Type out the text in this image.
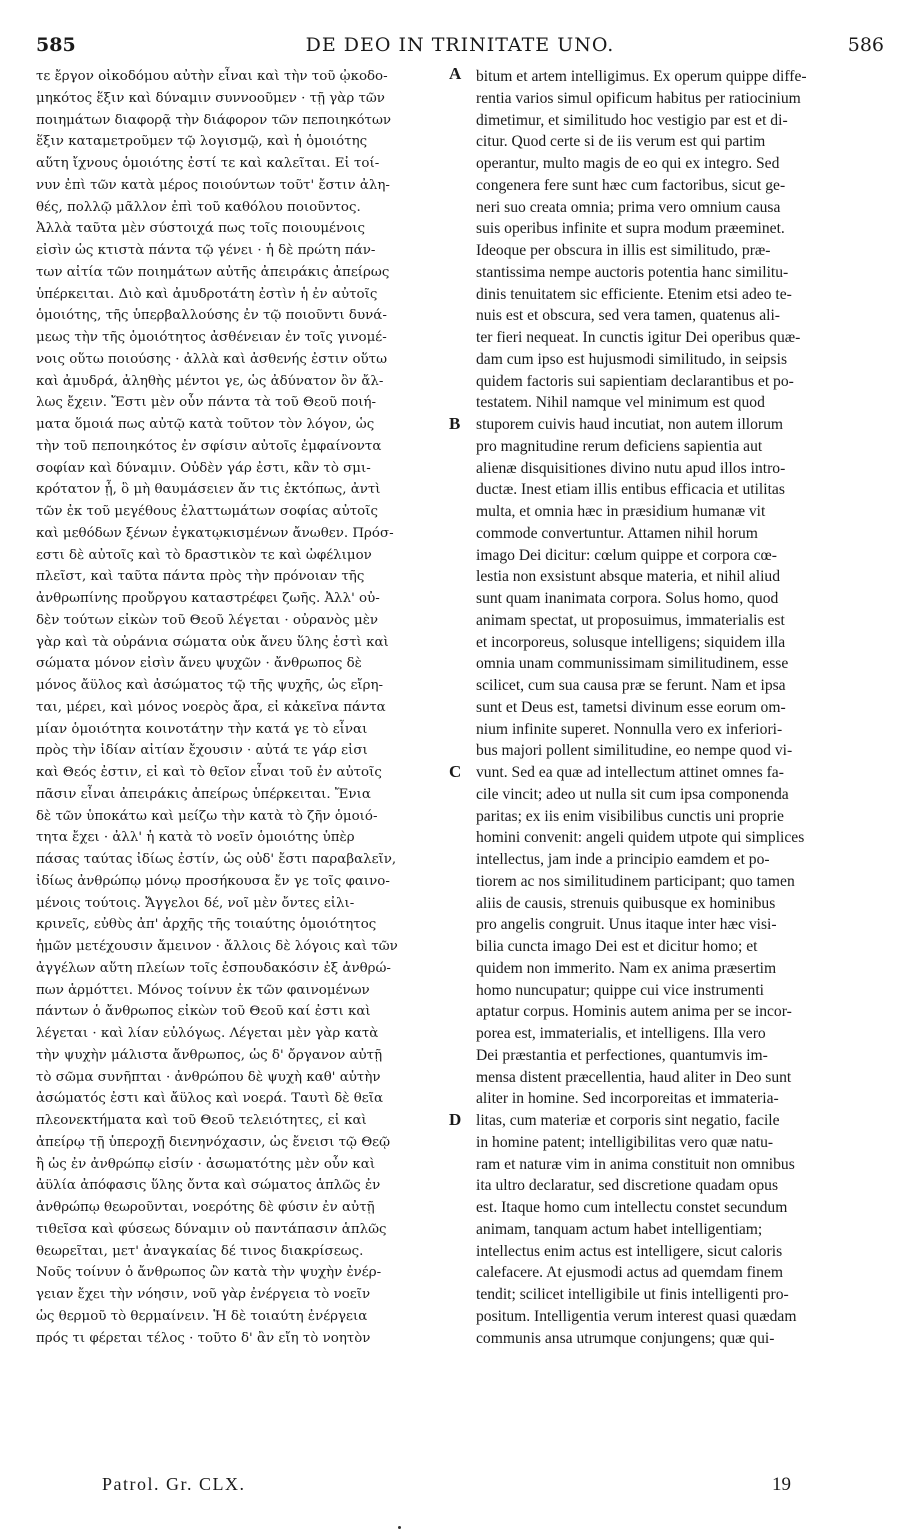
585	DE DEO IN TRINITATE UNO.	586
τε ἔργον οἰκοδόμου αὐτὴν εἶναι καὶ τὴν τοῦ ᾠκοδο-
μηκότος ἕξιν καὶ δύναμιν συννοοῦμεν · τῇ γὰρ τῶν
ποιημάτων διαφορᾷ τὴν διάφορον τῶν πεποιηκότων
ἕξιν καταμετροῦμεν τῷ λογισμῷ, καὶ ἡ ὁμοιότης
αὕτη ἴχνους ὁμοιότης ἐστί τε καὶ καλεῖται. Εἰ τοί-
νυν ἐπὶ τῶν κατὰ μέρος ποιούντων τοῦτ' ἔστιν ἀλη-
θές, πολλῷ μᾶλλον ἐπὶ τοῦ καθόλου ποιοῦντος.
Ἀλλὰ ταῦτα μὲν σύστοιχά πως τοῖς ποιουμένοις
εἰσὶν ὡς κτιστὰ πάντα τῷ γένει · ἡ δὲ πρώτη πάν-
των αἰτία τῶν ποιημάτων αὐτῆς ἀπειράκις ἀπείρως
ὑπέρκειται. Διὸ καὶ ἀμυδροτάτη ἐστὶν ἡ ἐν αὐτοῖς
ὁμοιότης, τῆς ὑπερβαλλούσης ἐν τῷ ποιοῦντι δυνά-
μεως τὴν τῆς ὁμοιότητος ἀσθένειαν ἐν τοῖς γινομέ-
νοις οὕτω ποιούσης · ἀλλὰ καὶ ἀσθενής ἐστιν οὕτω
καὶ ἀμυδρά, ἀληθὴς μέντοι γε, ὡς ἀδύνατον ὂν ἄλ-
λως ἔχειν. Ἔστι μὲν οὖν πάντα τὰ τοῦ Θεοῦ ποιή-
ματα ὅμοιά πως αὐτῷ κατὰ τοῦτον τὸν λόγον, ὡς
τὴν τοῦ πεποιηκότος ἐν σφίσιν αὐτοῖς ἐμφαίνοντα
σοφίαν καὶ δύναμιν. Οὐδὲν γάρ ἐστι, κἂν τὸ σμι-
κρότατον ᾖ, ὃ μὴ θαυμάσειεν ἄν τις ἐκτόπως, ἀντὶ
τῶν ἐκ τοῦ μεγέθους ἐλαττωμάτων σοφίας αὐτοῖς
καὶ μεθόδων ξένων ἐγκατῳκισμένων ἄνωθεν. Πρόσ-
εστι δὲ αὐτοῖς καὶ τὸ δραστικὸν τε καὶ ὠφέλιμον
πλεῖστ, καὶ ταῦτα πάντα πρὸς τὴν πρόνοιαν τῆς
ἀνθρωπίνης προὔργου καταστρέφει ζωῆς. Ἀλλ' οὐ-
δὲν τούτων εἰκὼν τοῦ Θεοῦ λέγεται · οὐρανὸς μὲν
γὰρ καὶ τὰ οὐράνια σώματα οὐκ ἄνευ ὕλης ἐστὶ καὶ
σώματα μόνον εἰσὶν ἄνευ ψυχῶν · ἄνθρωπος δὲ
μόνος ἄϋλος καὶ ἀσώματος τῷ τῆς ψυχῆς, ὡς εἴρη-
ται, μέρει, καὶ μόνος νοερὸς ἄρα, εἰ κἀκεῖνα πάντα
μίαν ὁμοιότητα κοινοτάτην τὴν κατά γε τὸ εἶναι
πρὸς τὴν ἰδίαν αἰτίαν ἔχουσιν · αὐτά τε γάρ εἰσι
καὶ Θεός ἐστιν, εἰ καὶ τὸ θεῖον εἶναι τοῦ ἐν αὐτοῖς
πᾶσιν εἶναι ἀπειράκις ἀπείρως ὑπέρκειται. Ἔνια
δὲ τῶν ὑποκάτω καὶ μείζω τὴν κατὰ τὸ ζῆν ὁμοιό-
τητα ἔχει · ἀλλ' ἡ κατὰ τὸ νοεῖν ὁμοιότης ὑπὲρ
πάσας ταύτας ἰδίως ἐστίν, ὡς οὐδ' ἔστι παραβαλεῖν,
ἰδίως ἀνθρώπῳ μόνῳ προσήκουσα ἔν γε τοῖς φαινο-
μένοις τούτοις. Ἄγγελοι δέ, νοῖ μὲν ὄντες εἰλι-
κρινεῖς, εὐθὺς ἀπ' ἀρχῆς τῆς τοιαύτης ὁμοιότητος
ἡμῶν μετέχουσιν ἄμεινον · ἄλλοις δὲ λόγοις καὶ τῶν
ἀγγέλων αὕτη πλείων τοῖς ἐσπουδακόσιν ἐξ ἀνθρώ-
πων ἁρμόττει. Μόνος τοίνυν ἐκ τῶν φαινομένων
πάντων ὁ ἄνθρωπος εἰκὼν τοῦ Θεοῦ καί ἐστι καὶ
λέγεται · καὶ λίαν εὐλόγως. Λέγεται μὲν γὰρ κατὰ
τὴν ψυχὴν μάλιστα ἄνθρωπος, ὡς δ' ὄργανον αὐτῇ
τὸ σῶμα συνῆπται · ἀνθρώπου δὲ ψυχὴ καθ' αὑτὴν
ἀσώματός ἐστι καὶ ἄϋλος καὶ νοερά. Ταυτὶ δὲ θεῖα
πλεονεκτήματα καὶ τοῦ Θεοῦ τελειότητες, εἰ καὶ
ἀπείρῳ τῇ ὑπεροχῇ διενηνόχασιν, ὡς ἔνεισι τῷ Θεῷ
ἢ ὡς ἐν ἀνθρώπῳ εἰσίν · ἀσωματότης μὲν οὖν καὶ
ἀϋλία ἀπόφασις ὕλης ὄντα καὶ σώματος ἁπλῶς ἐν
ἀνθρώπῳ θεωροῦνται, νοερότης δὲ φύσιν ἐν αὐτῇ
τιθεῖσα καὶ φύσεως δύναμιν οὐ παντάπασιν ἁπλῶς
θεωρεῖται, μετ' ἀναγκαίας δέ τινος διακρίσεως.
Νοῦς τοίνυν ὁ ἄνθρωπος ὢν κατὰ τὴν ψυχὴν ἐνέρ-
γειαν ἔχει τὴν νόησιν, νοῦ γὰρ ἐνέργεια τὸ νοεῖν
ὡς θερμοῦ τὸ θερμαίνειν. Ἡ δὲ τοιαύτη ἐνέργεια
πρός τι φέρεται τέλος · τοῦτο δ' ἂν εἴη τὸ νοητὸν
bitum et artem intelligimus. Ex operum quippe diffe-
rentia varios simul opificum habitus per ratiocinium
dimetimur, et similitudo hoc vestigio par est et di-
citur. Quod certe si de iis verum est qui partim
operantur, multo magis de eo qui ex integro. Sed
congenera fere sunt hæc cum factoribus, sicut ge-
neri suo creata omnia; prima vero omnium causa
suis operibus infinite et supra modum præeminet.
Ideoque per obscura in illis est similitudo, præ-
stantissima nempe auctoris potentia hanc similitu-
dinis tenuitatem sic efficiente. Etenim etsi adeo te-
nuis est et obscura, sed vera tamen, quatenus ali-
ter fieri nequeat. In cunctis igitur Dei operibus quæ-
dam cum ipso est hujusmodi similitudo, in seipsis
quidem factoris sui sapientiam declarantibus et po-
testatem. Nihil namque vel minimum est quod
stuporem cuivis haud incutiat, non autem illorum
pro magnitudine rerum deficiens sapientia aut
alienæ disquisitiones divino nutu apud illos intro-
ductæ. Inest etiam illis entibus efficacia et utilitas
multa, et omnia hæc in præsidium humanæ vit
commode convertuntur. Attamen nihil horum
imago Dei dicitur: cœlum quippe et corpora cœ-
lestia non exsistunt absque materia, et nihil aliud
sunt quam inanimata corpora. Solus homo, quod
animam spectat, ut proposuimus, immaterialis est
et incorporeus, solusque intelligens; siquidem illa
omnia unam communissimam similitudinem, esse
scilicet, cum sua causa præ se ferunt. Nam et ipsa
sunt et Deus est, tametsi divinum esse eorum om-
nium infinite superet. Nonnulla vero ex inferiori-
bus majori pollent similitudine, eo nempe quod vi-
vunt. Sed ea quæ ad intellectum attinet omnes fa-
cile vincit; adeo ut nulla sit cum ipsa componenda
paritas; ex iis enim visibilibus cunctis uni proprie
homini convenit: angeli quidem utpote qui simplices
intellectus, jam inde a principio eamdem et po-
tiorem ac nos similitudinem participant; quo tamen
aliis de causis, strenuis quibusque ex hominibus
pro angelis congruit. Unus itaque inter hæc visi-
bilia cuncta imago Dei est et dicitur homo; et
quidem non immerito. Nam ex anima præsertim
homo nuncupatur; quippe cui vice instrumenti
aptatur corpus. Hominis autem anima per se incor-
porea est, immaterialis, et intelligens. Illa vero
Dei præstantia et perfectiones, quantumvis im-
mensa distent præcellentia, haud aliter in Deo sunt
aliter in homine. Sed incorporeitas et immateria-
litas, cum materiæ et corporis sint negatio, facile
in homine patent; intelligibilitas vero quæ natu-
ram et naturæ vim in anima constituit non omnibus
ita ultro declaratur, sed discretione quadam opus
est. Itaque homo cum intellectu constet secundum
animam, tanquam actum habet intelligentiam;
intellectus enim actus est intelligere, sicut caloris
calefacere. At ejusmodi actus ad quemdam finem
tendit; scilicet intelligibile ut finis intelligenti pro-
positum. Intelligentia verum interest quasi quædam
communis ansa utrumque conjungens; quæ qui-
A
B
C
D
Patrol. Gr. CLX.	19
